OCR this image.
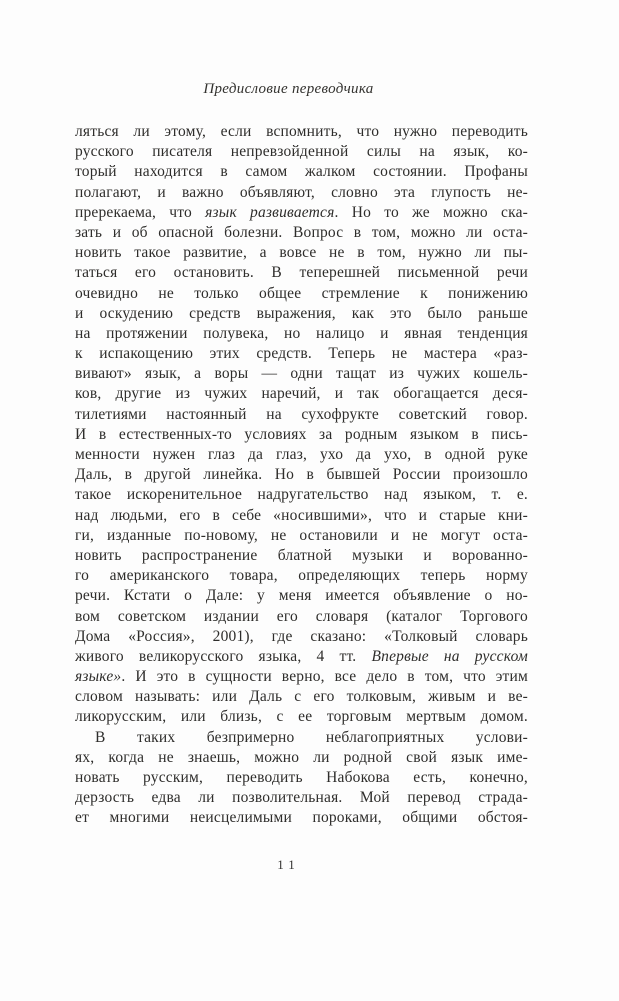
Предисловие переводчика
ляться ли этому, если вспомнить, что нужно переводить
русского писателя непревзойденной силы на язык, ко-
торый находится в самом жалком состоянии. Профаны
полагают, и важно объявляют, словно эта глупость не-
пререкаема, что язык развивается. Но то же можно ска-
зать и об опасной болезни. Вопрос в том, можно ли оста-
новить такое развитие, а вовсе не в том, нужно ли пы-
таться его остановить. В теперешней письменной речи
очевидно не только общее стремление к понижению
и оскудению средств выражения, как это было раньше
на протяжении полувека, но налицо и явная тенденция
к испакощению этих средств. Теперь не мастера «раз-
вивают» язык, а воры — одни тащат из чужих кошель-
ков, другие из чужих наречий, и так обогащается деся-
тилетиями настоянный на сухофрукте советский говор.
И в естественных-то условиях за родным языком в пись-
менности нужен глаз да глаз, ухо да ухо, в одной руке
Даль, в другой линейка. Но в бывшей России произошло
такое искоренительное надругательство над языком, т. е.
над людьми, его в себе «носившими», что и старые кни-
ги, изданные по-новому, не остановили и не могут оста-
новить распространение блатной музыки и ворованно-
го американского товара, определяющих теперь норму
речи. Кстати о Дале: у меня имеется объявление о но-
вом советском издании его словаря (каталог Торгового
Дома «Россия», 2001), где сказано: «Толковый словарь
живого великорусского языка, 4 тт. Впервые на русском
языке». И это в сущности верно, все дело в том, что этим
словом называть: или Даль с его толковым, живым и ве-
ликорусским, или близь, с ее торговым мертвым домом.
В таких безпримерно неблагоприятных услови-
ях, когда не знаешь, можно ли родной свой язык име-
новать русским, переводить Набокова есть, конечно,
дерзость едва ли позволительная. Мой перевод страда-
ет многими неисцелимыми пороками, общими обстоя-
11
